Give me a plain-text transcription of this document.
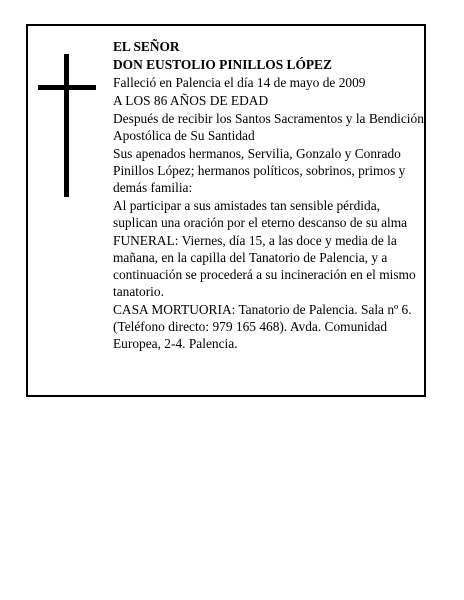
EL SEÑOR

DON EUSTOLIO PINILLOS LÓPEZ

Falleció en Palencia el día 14 de mayo de 2009

A LOS 86 AÑOS DE EDAD

Después de recibir los Santos Sacramentos y la Bendición Apostólica de Su Santidad

Sus apenados hermanos, Servilia, Gonzalo y Conrado Pinillos López; hermanos políticos, sobrinos, primos y demás familia:

Al participar a sus amistades tan sensible pérdida, suplican una oración por el eterno descanso de su alma

FUNERAL: Viernes, día 15, a las doce y media de la mañana, en la capilla del Tanatorio de Palencia, y a continuación se procederá a su incineración en el mismo tanatorio.

CASA MORTUORIA: Tanatorio de Palencia. Sala nº 6. (Teléfono directo: 979 165 468). Avda. Comunidad Europea, 2-4. Palencia.
